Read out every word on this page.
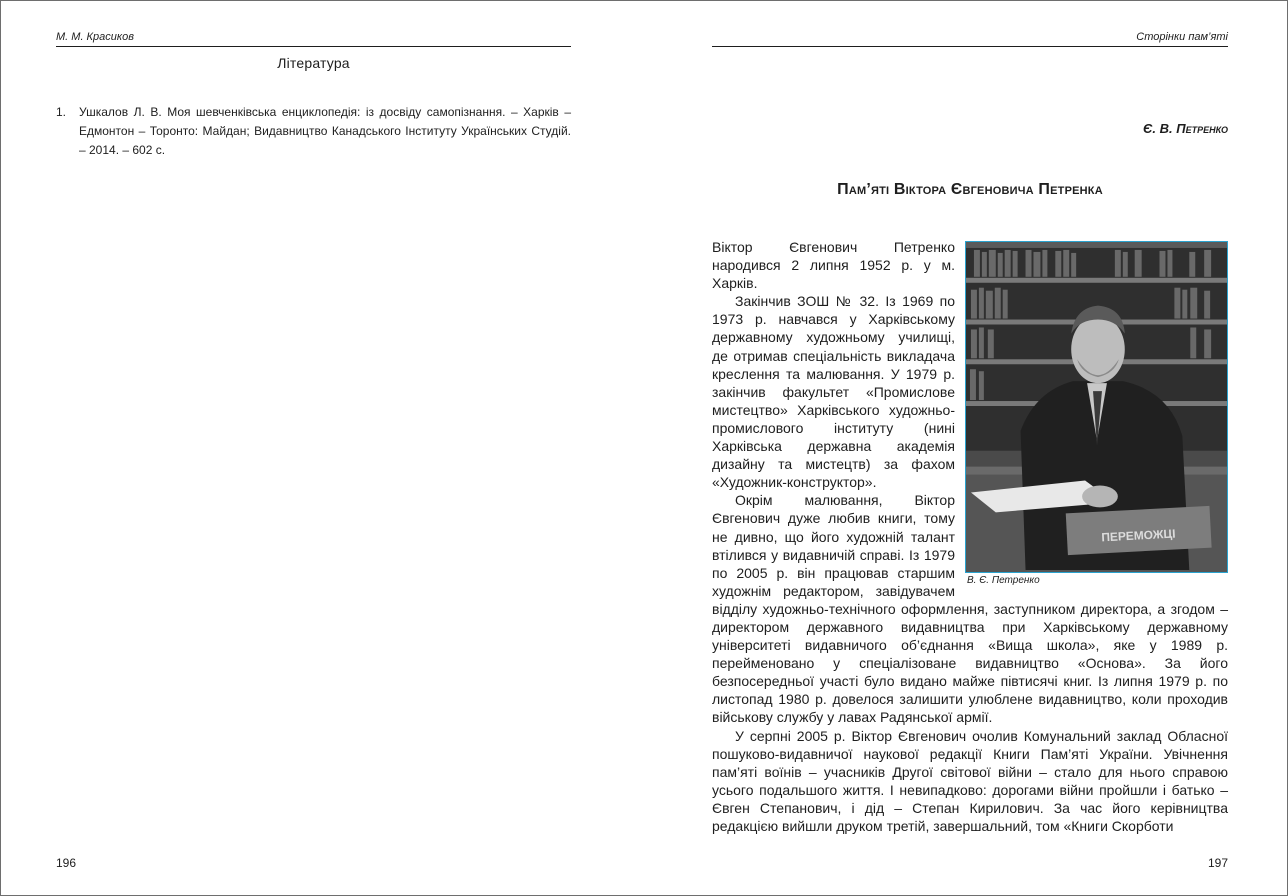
М. М. Красиков
Література
1. Ушкалов Л. В. Моя шевченківська енциклопедія: із досвіду самопізнання. – Харків – Едмонтон – Торонто: Майдан; Видавництво Канадського Інституту Українських Студій. – 2014. – 602 с.
196
Сторінки пам’яті
Є. В. Петренко
Пам’яті Віктора Євгеновича Петренка
ПЕРЕМОЖЦІ
В. Є. Петренко

Віктор Євгенович Петренко народився 2 липня 1952 р. у м. Харків.

Закінчив ЗОШ № 32. Із 1969 по 1973 р. навчався у Харківському державному художньому училищі, де отримав спеціальність викладача креслення та малювання. У 1979 р. закінчив факультет «Промислове мистецтво» Харківського художньо-промислового інституту (нині Харківська державна академія дизайну та мистецтв) за фахом «Художник-конструктор».

Окрім малювання, Віктор Євгенович дуже любив книги, тому не дивно, що його художній талант втілився у видавничій справі. Із 1979 по 2005 р. він працював старшим художнім редактором, завідувачем відділу художньо-технічного оформлення, заступником директора, а згодом – директором державного видавництва при Харківському державному університеті видавничого об’єднання «Вища школа», яке у 1989 р. перейменовано у спеціалізоване видавництво «Основа». За його безпосередньої участі було видано майже півтисячі книг. Із липня 1979 р. по листопад 1980 р. довелося залишити улюблене видавництво, коли проходив військову службу у лавах Радянської армії.

У серпні 2005 р. Віктор Євгенович очолив Комунальний заклад Обласної пошуково-видавничої наукової редакції Книги Пам’яті України. Увічнення пам’яті воїнів – учасників Другої світової війни – стало для нього справою усього подальшого життя. І невипадково: дорогами війни пройшли і батько – Євген Степанович, і дід – Степан Кирилович. За час його керівництва редакцією вийшли друком третій, завершальний, том «Книги Скорботи

197
